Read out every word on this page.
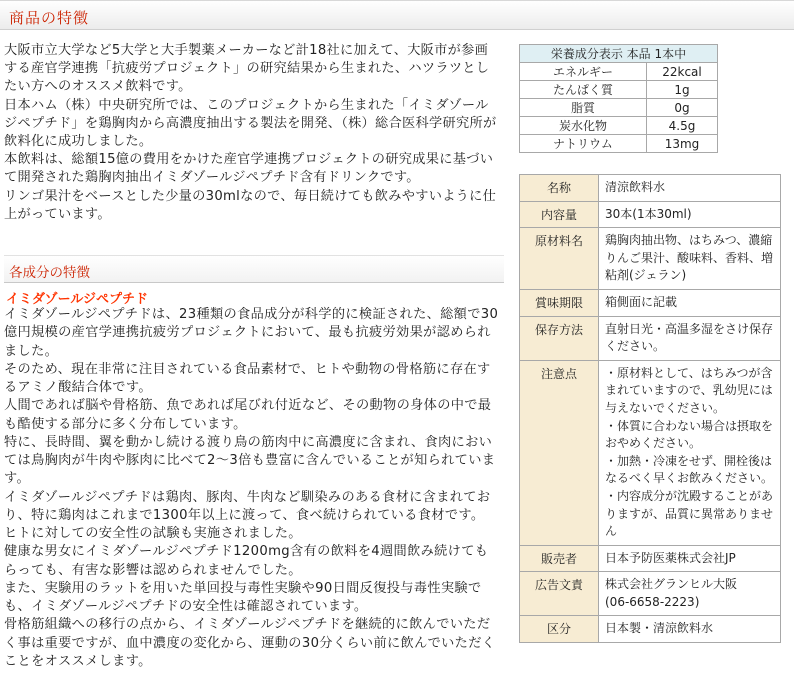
商品の特徴

大阪市立大学など5大学と大手製薬メーカーなど計18社に加えて、大阪市が参画する産官学連携「抗疲労プロジェクト」の研究結果から生まれた、ハツラツとしたい方へのオススメ飲料です。

日本ハム（株）中央研究所では、このプロジェクトから生まれた「イミダゾールジペプチド」を鶏胸肉から高濃度抽出する製法を開発、（株）総合医科学研究所が飲料化に成功しました。

本飲料は、総額15億の費用をかけた産官学連携プロジェクトの研究成果に基づいて開発された鶏胸肉抽出イミダゾールジペプチド含有ドリンクです。

リンゴ果汁をベースとした少量の30mlなので、毎日続けても飲みやすいように仕上がっています。

各成分の特徴
イミダゾールジペプチド

イミダゾールジペプチドは、23種類の食品成分が科学的に検証された、総額で30億円規模の産官学連携抗疲労プロジェクトにおいて、最も抗疲労効果が認められました。

そのため、現在非常に注目されている食品素材で、ヒトや動物の骨格筋に存在するアミノ酸結合体です。

人間であれば脳や骨格筋、魚であれば尾びれ付近など、その動物の身体の中で最も酷使する部分に多く分布しています。

特に、長時間、翼を動かし続ける渡り鳥の筋肉中に高濃度に含まれ、食肉においては鳥胸肉が牛肉や豚肉に比べて2〜3倍も豊富に含んでいることが知られています。

イミダゾールジペプチドは鶏肉、豚肉、牛肉など馴染みのある食材に含まれており、特に鶏肉はこれまで1300年以上に渡って、食べ続けられている食材です。

ヒトに対しての安全性の試験も実施されました。

健康な男女にイミダゾールジペプチド1200mg含有の飲料を4週間飲み続けてもらっても、有害な影響は認められませんでした。

また、実験用のラットを用いた単回投与毒性実験や90日間反復投与毒性実験でも、イミダゾールジペプチドの安全性は確認されています。

骨格筋組織への移行の点から、イミダゾールジペプチドを継続的に飲んでいただく事は重要ですが、血中濃度の変化から、運動の30分くらい前に飲んでいただくことをオススメします。

栄養成分表示 本品 1本中	
エネルギー	22kcal
たんぱく質	1g
脂質	0g
炭水化物	4.5g
ナトリウム	13mg
名称	清涼飲料水
内容量	30本(1本30ml)
原材料名	鶏胸肉抽出物、はちみつ、濃縮りんご果汁、酸味料、香料、増粘剤(ジェラン)
賞味期限	箱側面に記載
保存方法	直射日光・高温多湿をさけ保存ください。
注意点	・原材料として、はちみつが含まれていますので、乳幼児には与えないでください。
・体質に合わない場合は摂取をおやめください。
・加熱・冷凍をせず、開栓後はなるべく早くお飲みください。
・内容成分が沈殿することがありますが、品質に異常ありません
販売者	日本予防医薬株式会社JP
広告文責	株式会社グランヒル大阪
(06-6658-2223)
区分	日本製・清涼飲料水
